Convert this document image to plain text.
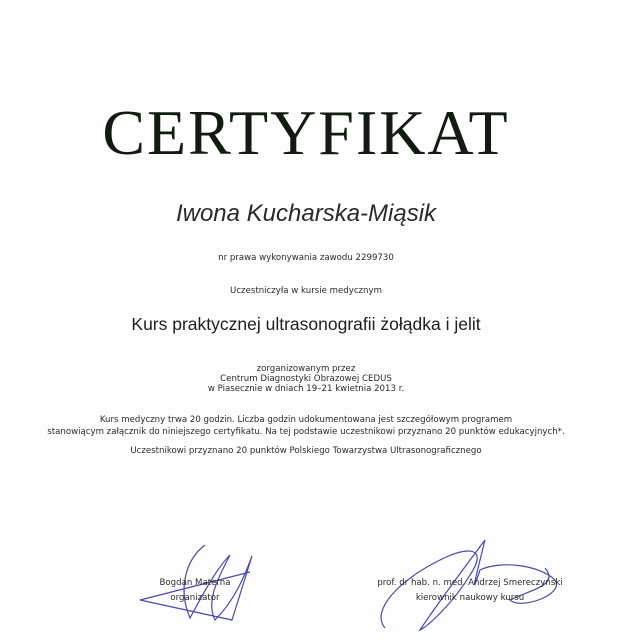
CERTYFIKAT
Iwona Kucharska-Miąsik
nr prawa wykonywania zawodu 2299730
Uczestniczyła w kursie medycznym
Kurs praktycznej ultrasonografii żołądka i jelit
zorganizowanym przez
Centrum Diagnostyki Obrazowej CEDUS
w Piasecznie w dniach 19–21 kwietnia 2013 r.
Kurs medyczny trwa 20 godzin. Liczba godzin udokumentowana jest szczegółowym programem
stanowiącym załącznik do niniejszego certyfikatu. Na tej podstawie uczestnikowi przyznano 20 punktów edukacyjnych*.
Uczestnikowi przyznano 20 punktów Polskiego Towarzystwa Ultrasonograficznego
Bogdan Materna
organizator
prof. dr hab. n. med. Andrzej Smereczyński
kierownik naukowy kursu
